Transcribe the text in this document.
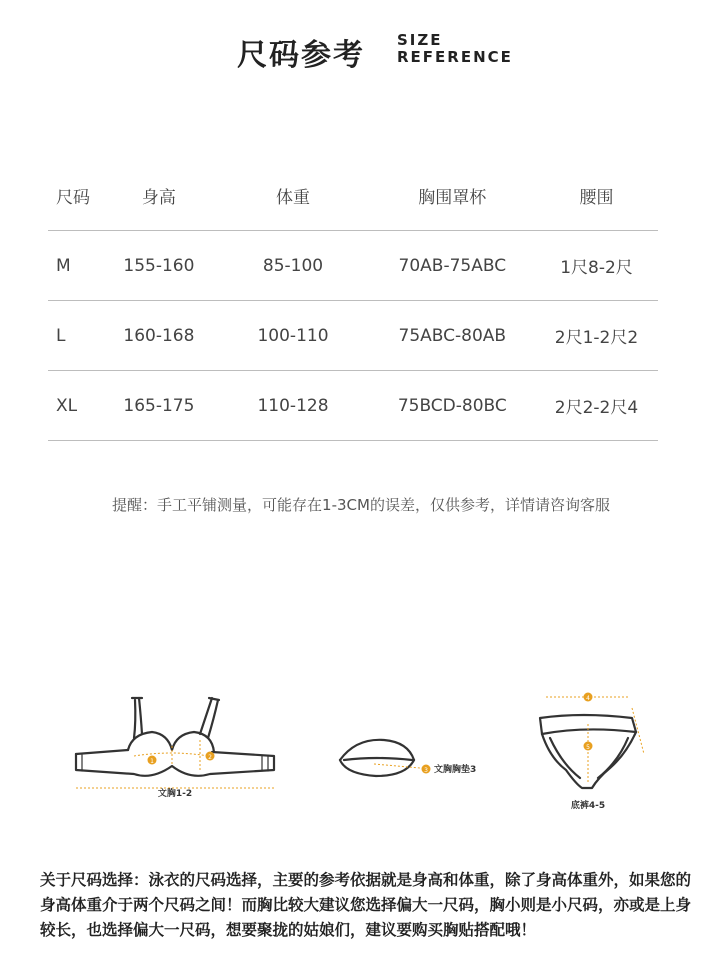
尺码参考 SIZE
REFERENCE
尺码	身高	体重	胸围罩杯	腰围
M	155-160	85-100	70AB-75ABC	1尺8-2尺
L	160-168	100-110	75ABC-80AB	2尺1-2尺2
XL	165-175	110-128	75BCD-80BC	2尺2-2尺4
提醒：手工平铺测量，可能存在1-3CM的误差，仅供参考，详情请咨询客服
1
2
文胸1-2
3 文胸胸垫3
4
5
底裤4-5
关于尺码选择：泳衣的尺码选择，主要的参考依据就是身高和体重，除了身高体重外，如果您的身高体重介于两个尺码之间！而胸比较大建议您选择偏大一尺码，胸小则是小尺码，亦或是上身较长，也选择偏大一尺码，想要聚拢的姑娘们，建议要购买胸贴搭配哦！
